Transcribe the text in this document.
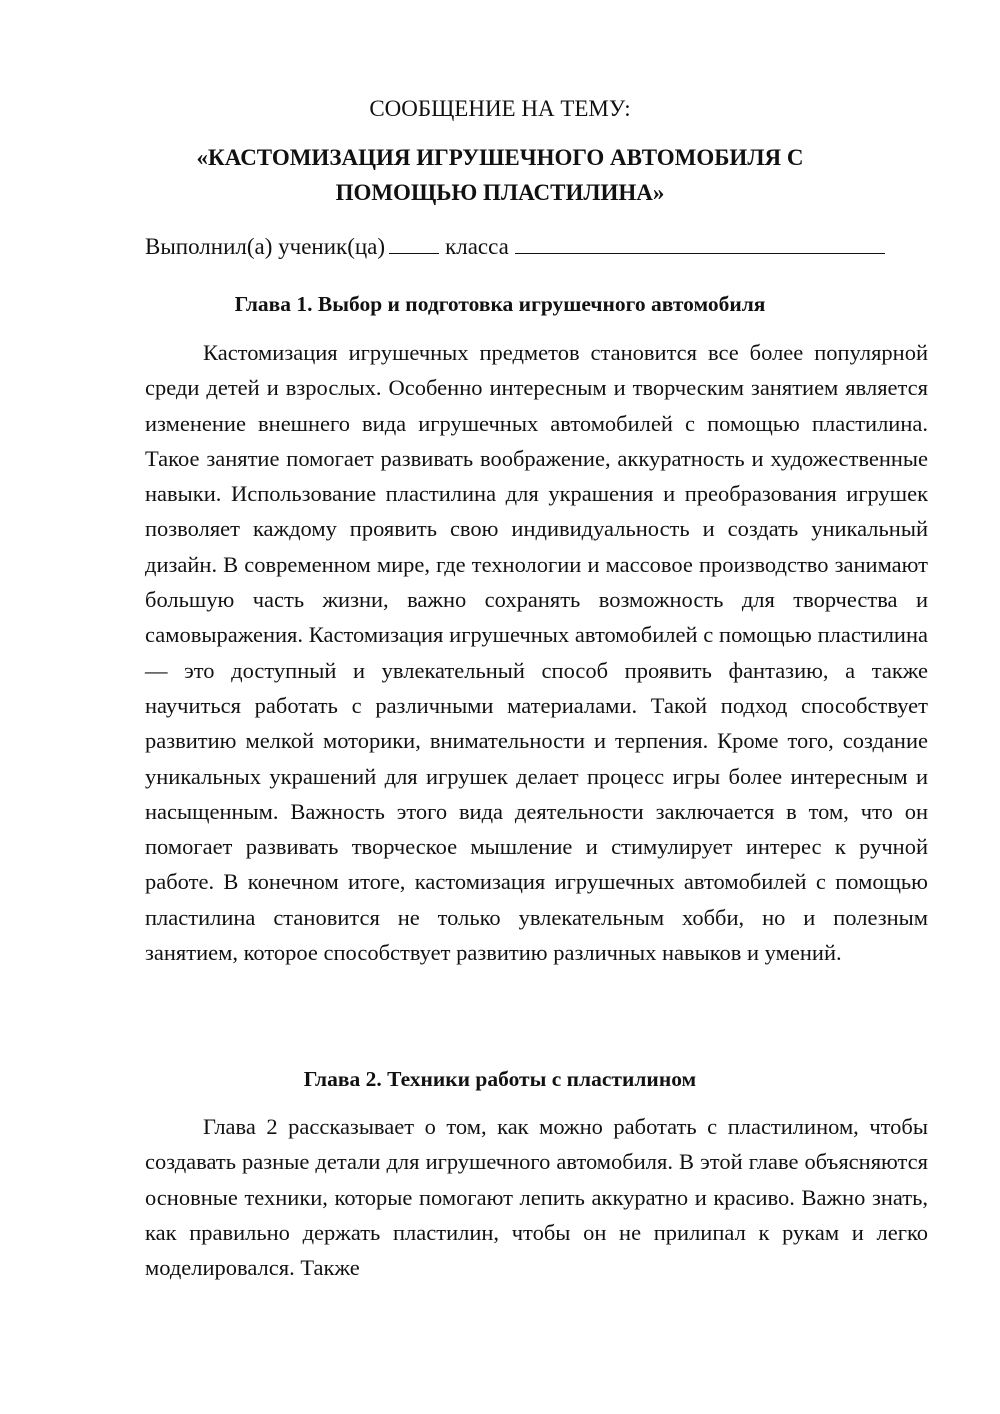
СООБЩЕНИЕ НА ТЕМУ:

«КАСТОМИЗАЦИЯ ИГРУШЕЧНОГО АВТОМОБИЛЯ С

ПОМОЩЬЮ ПЛАСТИЛИНА»

Выполнил(а) ученик(ца)	класса

Глава 1. Выбор и подготовка игрушечного автомобиля

Кастомизация игрушечных предметов становится все более популярной среди детей и взрослых. Особенно интересным и творческим занятием является изменение внешнего вида игрушечных автомобилей с помощью пластилина. Такое занятие помогает развивать воображение, аккуратность и художественные навыки. Использование пластилина для украшения и преобразования игрушек позволяет каждому проявить свою индивидуальность и создать уникальный дизайн. В современном мире, где технологии и массовое производство занимают большую часть жизни, важно сохранять возможность для творчества и самовыражения. Кастомизация игрушечных автомобилей с помощью пластилина — это доступный и увлекательный способ проявить фантазию, а также научиться работать с различными материалами. Такой подход способствует развитию мелкой моторики, внимательности и терпения. Кроме того, создание уникальных украшений для игрушек делает процесс игры более интересным и насыщенным. Важность этого вида деятельности заключается в том, что он помогает развивать творческое мышление и стимулирует интерес к ручной работе. В конечном итоге, кастомизация игрушечных автомобилей с помощью пластилина становится не только увлекательным хобби, но и полезным занятием, которое способствует развитию различных навыков и умений.

Глава 2. Техники работы с пластилином

Глава 2 рассказывает о том, как можно работать с пластилином, чтобы создавать разные детали для игрушечного автомобиля. В этой главе объясняются основные техники, которые помогают лепить аккуратно и красиво. Важно знать, как правильно держать пластилин, чтобы он не прилипал к рукам и легко моделировался. Также
